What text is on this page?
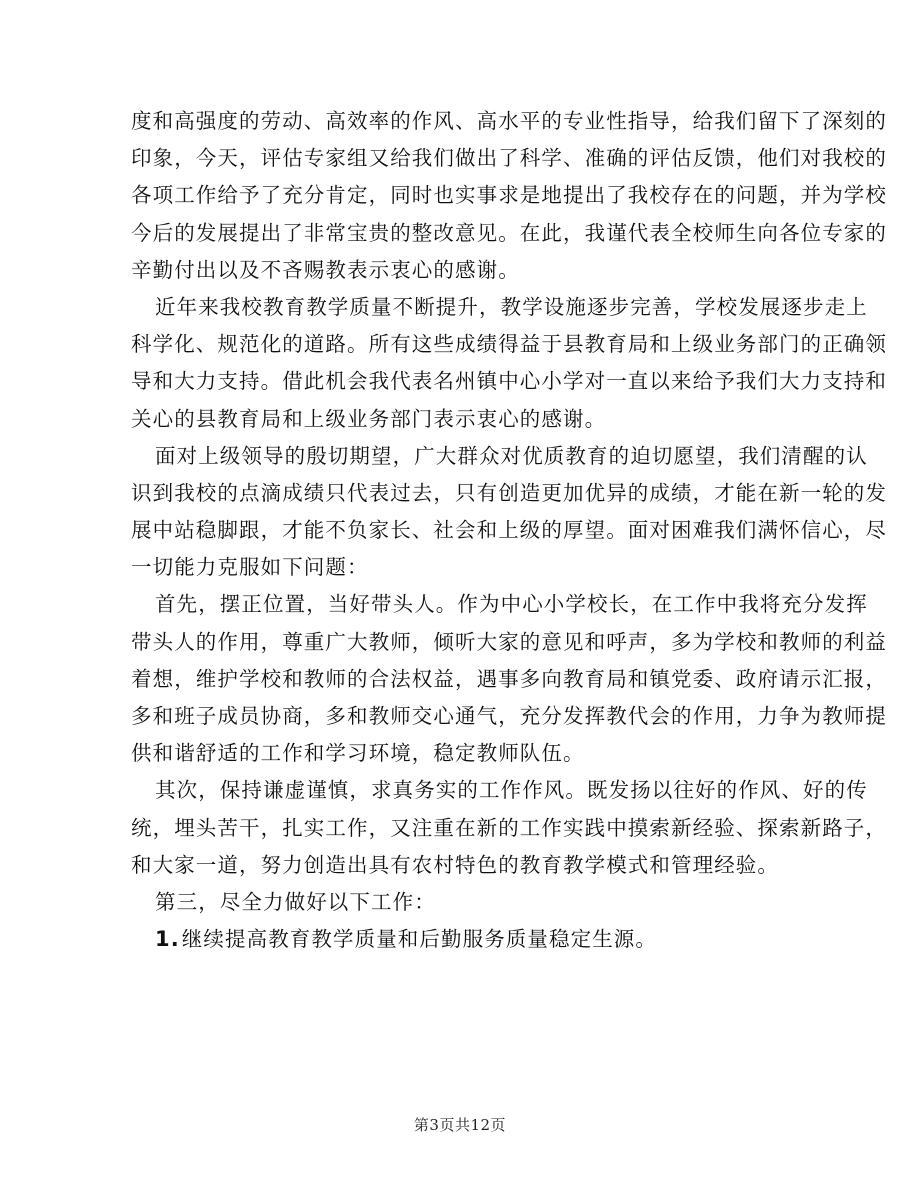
度和高强度的劳动、高效率的作风、高水平的专业性指导，给我们留下了深刻的
印象，今天，评估专家组又给我们做出了科学、准确的评估反馈，他们对我校的
各项工作给予了充分肯定，同时也实事求是地提出了我校存在的问题，并为学校
今后的发展提出了非常宝贵的整改意见。在此，我谨代表全校师生向各位专家的
辛勤付出以及不吝赐教表示衷心的感谢。
近年来我校教育教学质量不断提升，教学设施逐步完善，学校发展逐步走上
科学化、规范化的道路。所有这些成绩得益于县教育局和上级业务部门的正确领
导和大力支持。借此机会我代表名州镇中心小学对一直以来给予我们大力支持和
关心的县教育局和上级业务部门表示衷心的感谢。
面对上级领导的殷切期望，广大群众对优质教育的迫切愿望，我们清醒的认
识到我校的点滴成绩只代表过去，只有创造更加优异的成绩，才能在新一轮的发
展中站稳脚跟，才能不负家长、社会和上级的厚望。面对困难我们满怀信心，尽
一切能力克服如下问题：
首先，摆正位置，当好带头人。作为中心小学校长，在工作中我将充分发挥
带头人的作用，尊重广大教师，倾听大家的意见和呼声，多为学校和教师的利益
着想，维护学校和教师的合法权益，遇事多向教育局和镇党委、政府请示汇报，
多和班子成员协商，多和教师交心通气，充分发挥教代会的作用，力争为教师提
供和谐舒适的工作和学习环境，稳定教师队伍。
其次，保持谦虚谨慎，求真务实的工作作风。既发扬以往好的作风、好的传
统，埋头苦干，扎实工作，又注重在新的工作实践中摸索新经验、探索新路子，
和大家一道，努力创造出具有农村特色的教育教学模式和管理经验。
第三，尽全力做好以下工作：
1.继续提高教育教学质量和后勤服务质量稳定生源。
第3页共12页
